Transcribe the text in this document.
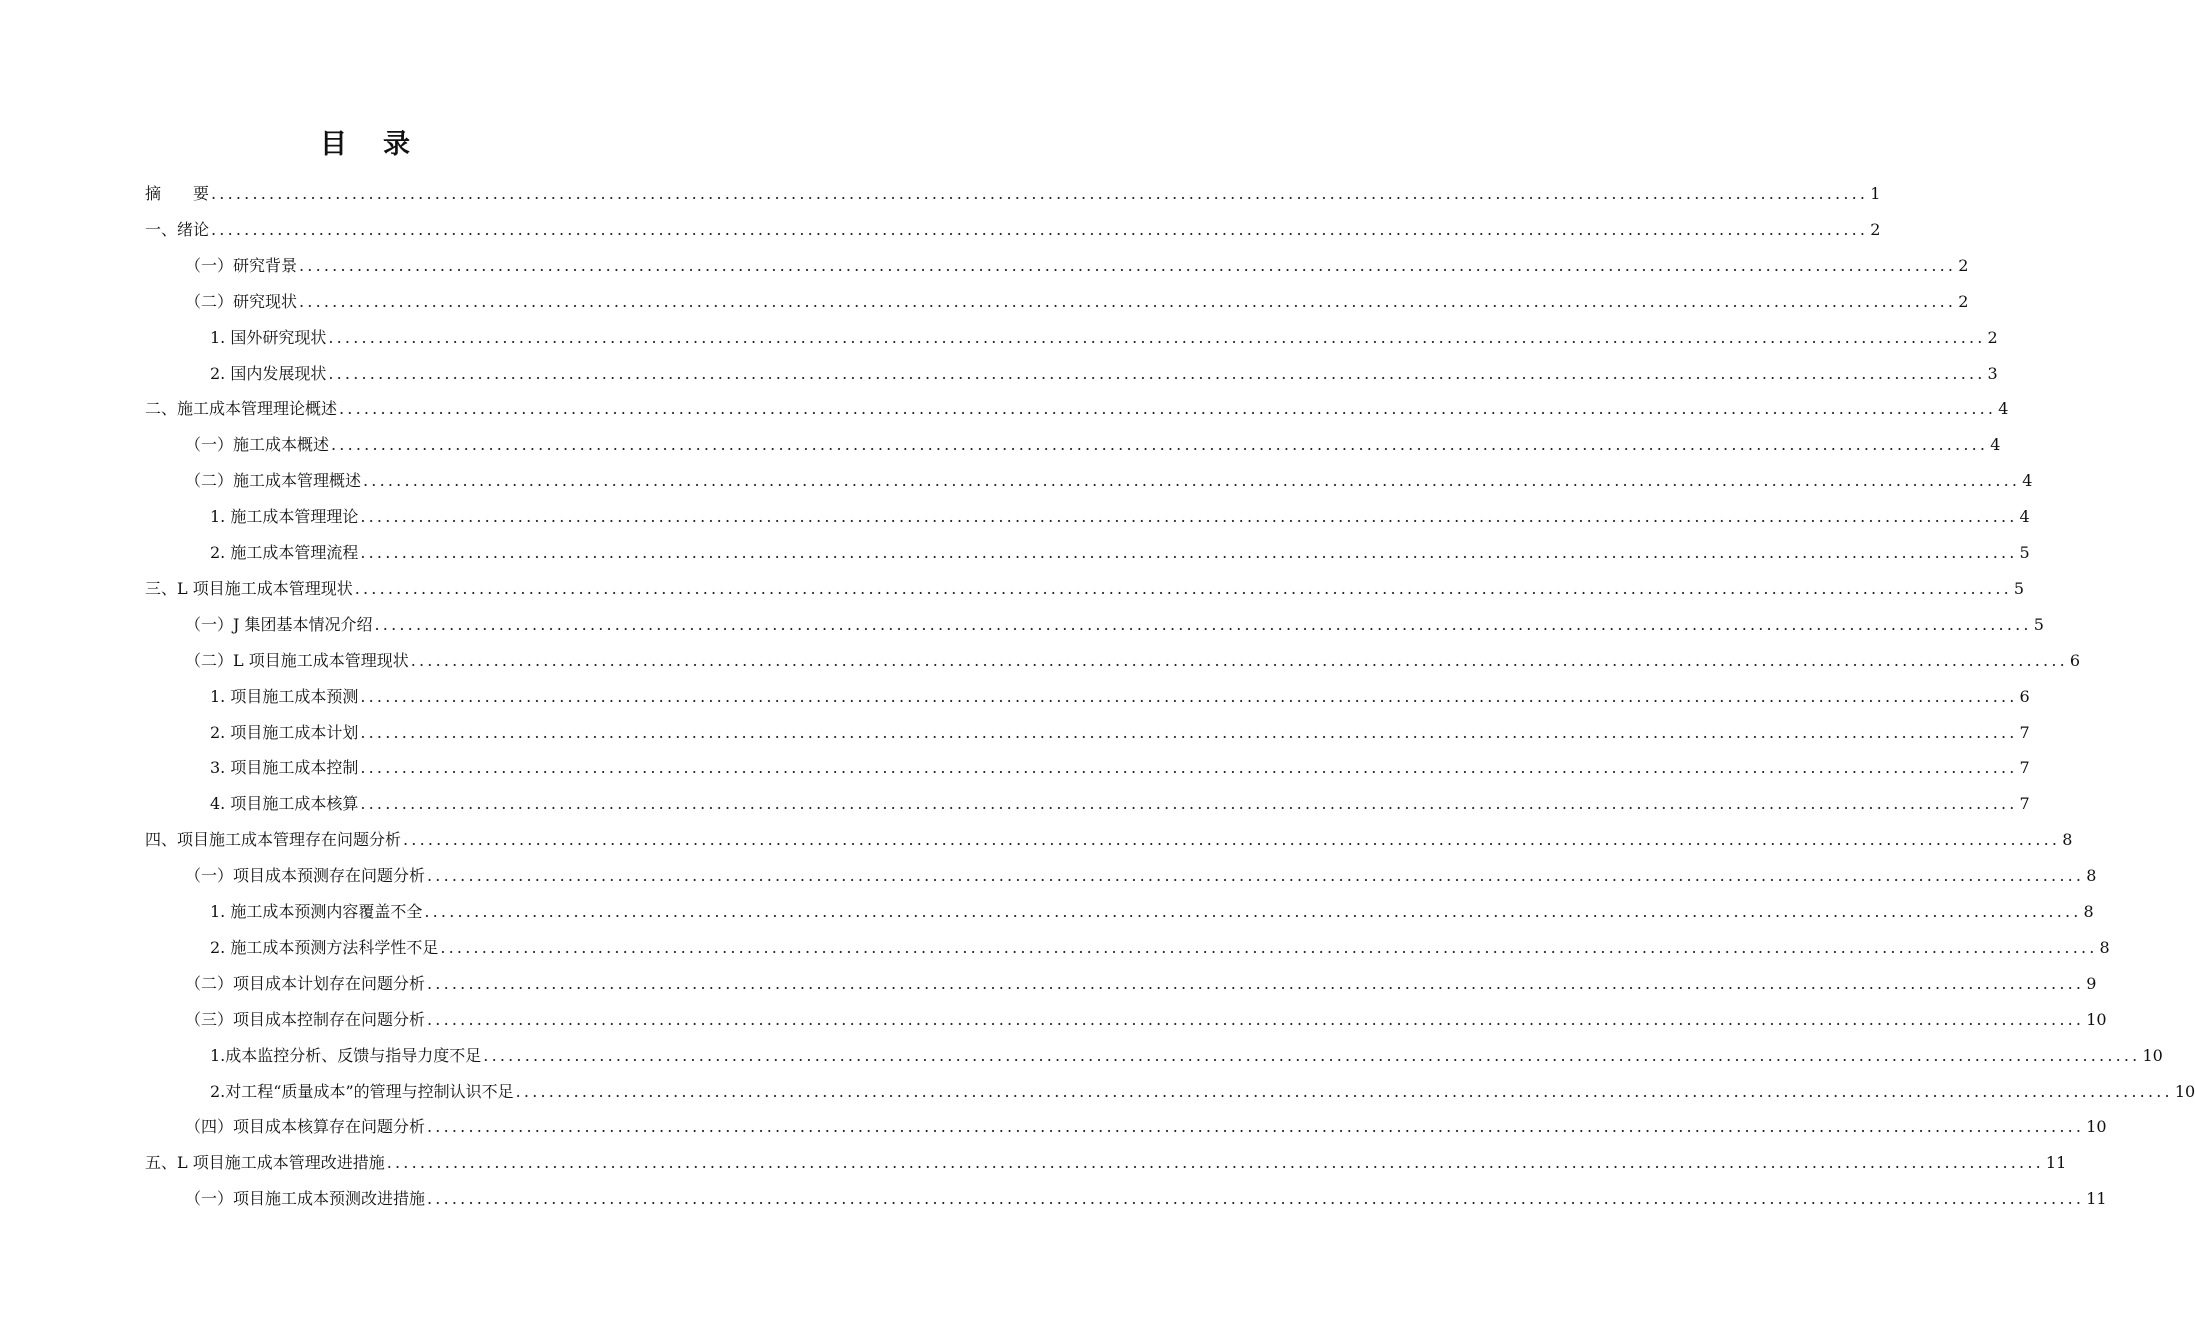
目 录
摘　　要 ........................................................................................................................................................................................................ 1
一、绪论 ........................................................................................................................................................................................................ 2
（一）研究背景 ........................................................................................................................................................................................................ 2
（二）研究现状 ........................................................................................................................................................................................................ 2
1. 国外研究现状 ........................................................................................................................................................................................................ 2
2. 国内发展现状 ........................................................................................................................................................................................................ 3
二、施工成本管理理论概述 ........................................................................................................................................................................................................ 4
（一）施工成本概述 ........................................................................................................................................................................................................ 4
（二）施工成本管理概述 ........................................................................................................................................................................................................ 4
1. 施工成本管理理论 ........................................................................................................................................................................................................ 4
2. 施工成本管理流程 ........................................................................................................................................................................................................ 5
三、L 项目施工成本管理现状 ........................................................................................................................................................................................................ 5
（一）J 集团基本情况介绍 ........................................................................................................................................................................................................ 5
（二）L 项目施工成本管理现状 ........................................................................................................................................................................................................ 6
1. 项目施工成本预测 ........................................................................................................................................................................................................ 6
2. 项目施工成本计划 ........................................................................................................................................................................................................ 7
3. 项目施工成本控制 ........................................................................................................................................................................................................ 7
4. 项目施工成本核算 ........................................................................................................................................................................................................ 7
四、项目施工成本管理存在问题分析 ........................................................................................................................................................................................................ 8
（一）项目成本预测存在问题分析 ........................................................................................................................................................................................................ 8
1. 施工成本预测内容覆盖不全 ........................................................................................................................................................................................................ 8
2. 施工成本预测方法科学性不足 ........................................................................................................................................................................................................ 8
（二）项目成本计划存在问题分析 ........................................................................................................................................................................................................ 9
（三）项目成本控制存在问题分析 ........................................................................................................................................................................................................ 10
1.成本监控分析、反馈与指导力度不足 ........................................................................................................................................................................................................ 10
2.对工程“质量成本”的管理与控制认识不足 ........................................................................................................................................................................................................ 10
（四）项目成本核算存在问题分析 ........................................................................................................................................................................................................ 10
五、L 项目施工成本管理改进措施 ........................................................................................................................................................................................................ 11
（一）项目施工成本预测改进措施 ........................................................................................................................................................................................................ 11
